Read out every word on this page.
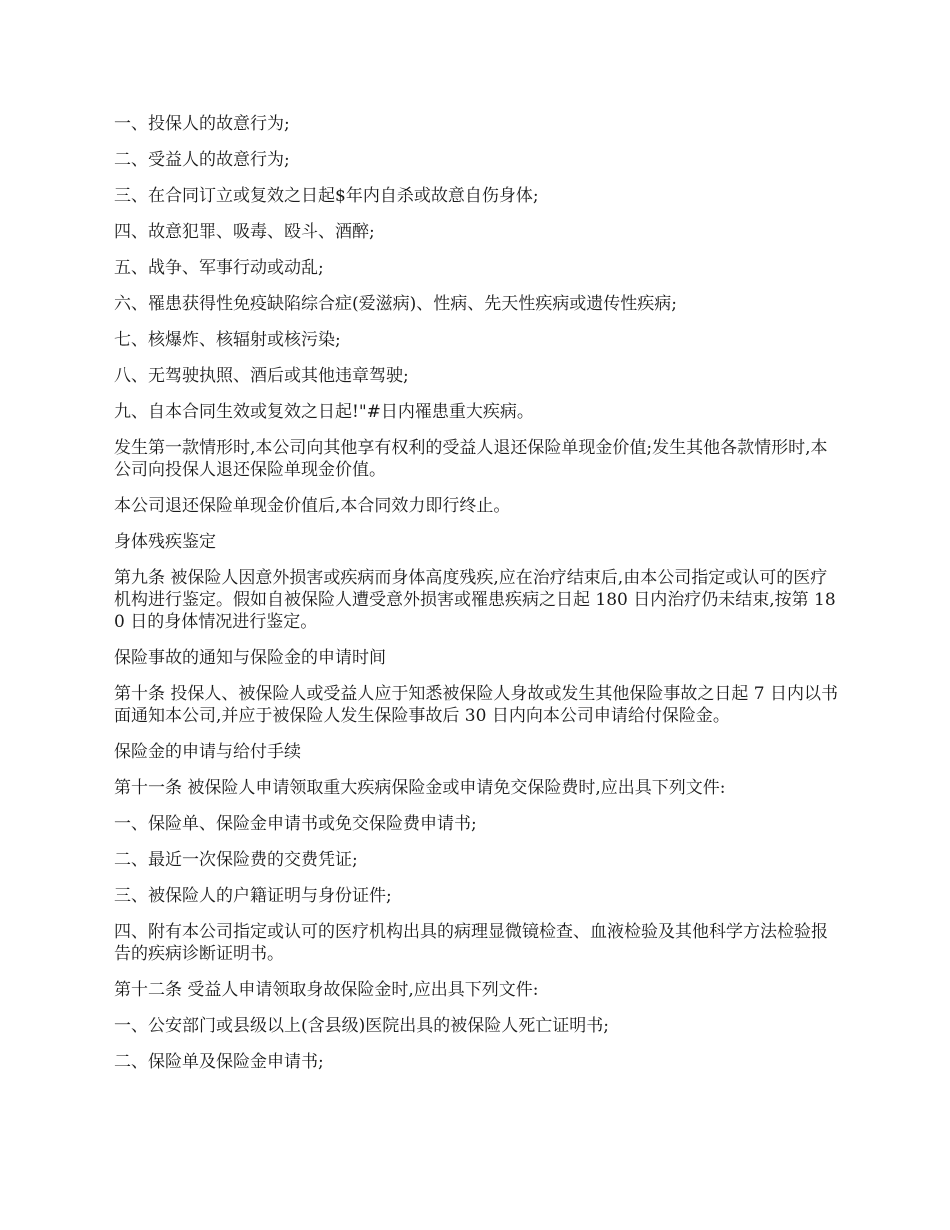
一、投保人的故意行为;

二、受益人的故意行为;

三、在合同订立或复效之日起$年内自杀或故意自伤身体;

四、故意犯罪、吸毒、殴斗、酒醉;

五、战争、军事行动或动乱;

六、罹患获得性免疫缺陷综合症(爱滋病)、性病、先天性疾病或遗传性疾病;

七、核爆炸、核辐射或核污染;

八、无驾驶执照、酒后或其他违章驾驶;

九、自本合同生效或复效之日起!"#日内罹患重大疾病。

发生第一款情形时,本公司向其他享有权利的受益人退还保险单现金价值;发生其他各款情形时,本公司向投保人退还保险单现金价值。

本公司退还保险单现金价值后,本合同效力即行终止。

身体残疾鉴定

第九条 被保险人因意外损害或疾病而身体高度残疾,应在治疗结束后,由本公司指定或认可的医疗机构进行鉴定。假如自被保险人遭受意外损害或罹患疾病之日起 180 日内治疗仍未结束,按第 180 日的身体情况进行鉴定。

保险事故的通知与保险金的申请时间

第十条 投保人、被保险人或受益人应于知悉被保险人身故或发生其他保险事故之日起 7 日内以书面通知本公司,并应于被保险人发生保险事故后 30 日内向本公司申请给付保险金。

保险金的申请与给付手续

第十一条 被保险人申请领取重大疾病保险金或申请免交保险费时,应出具下列文件:

一、保险单、保险金申请书或免交保险费申请书;

二、最近一次保险费的交费凭证;

三、被保险人的户籍证明与身份证件;

四、附有本公司指定或认可的医疗机构出具的病理显微镜检查、血液检验及其他科学方法检验报告的疾病诊断证明书。

第十二条 受益人申请领取身故保险金时,应出具下列文件:

一、公安部门或县级以上(含县级)医院出具的被保险人死亡证明书;

二、保险单及保险金申请书;
